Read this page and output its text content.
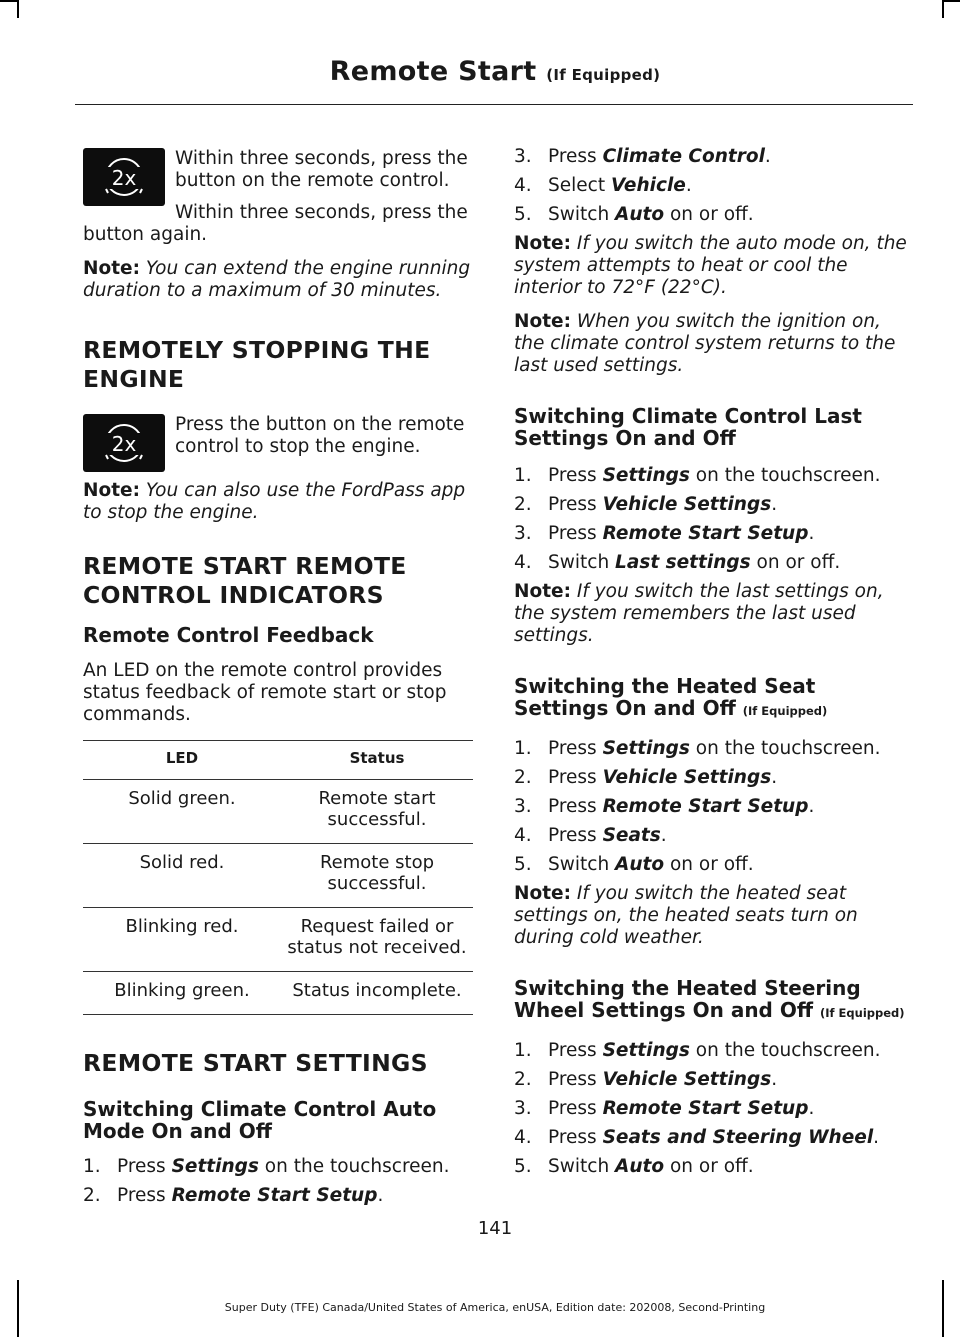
Remote Start (If Equipped)
2x

Within three seconds, press the button on the remote control.

Within three seconds, press the button again.

Note: You can extend the engine running duration to a maximum of 30 minutes.

REMOTELY STOPPING THE

ENGINE

2x

Press the button on the remote control to stop the engine.

Note: You can also use the FordPass app to stop the engine.

REMOTE START REMOTE

CONTROL INDICATORS

Remote Control Feedback

An LED on the remote control provides status feedback of remote start or stop commands.

LED	Status
Solid green.	Remote start successful.
Solid red.	Remote stop successful.
Blinking red.	Request failed or status not received.
Blinking green.	Status incomplete.

REMOTE START SETTINGS

Switching Climate Control Auto Mode On and Off

1. Press Settings on the touchscreen.
2. Press Remote Start Setup.
3. Press Climate Control.
4. Select Vehicle.
5. Switch Auto on or off.

Note: If you switch the auto mode on, the system attempts to heat or cool the interior to 72°F (22°C).

Note: When you switch the ignition on, the climate control system returns to the last used settings.

Switching Climate Control Last Settings On and Off

1. Press Settings on the touchscreen.
2. Press Vehicle Settings.
3. Press Remote Start Setup.
4. Switch Last settings on or off.

Note: If you switch the last settings on, the system remembers the last used settings.

Switching the Heated Seat Settings On and Off (If Equipped)

1. Press Settings on the touchscreen.
2. Press Vehicle Settings.
3. Press Remote Start Setup.
4. Press Seats.
5. Switch Auto on or off.

Note: If you switch the heated seat settings on, the heated seats turn on during cold weather.

Switching the Heated Steering Wheel Settings On and Off (If Equipped)

1. Press Settings on the touchscreen.
2. Press Vehicle Settings.
3. Press Remote Start Setup.
4. Press Seats and Steering Wheel.
5. Switch Auto on or off.
141
Super Duty (TFE) Canada/United States of America, enUSA, Edition date: 202008, Second-Printing
